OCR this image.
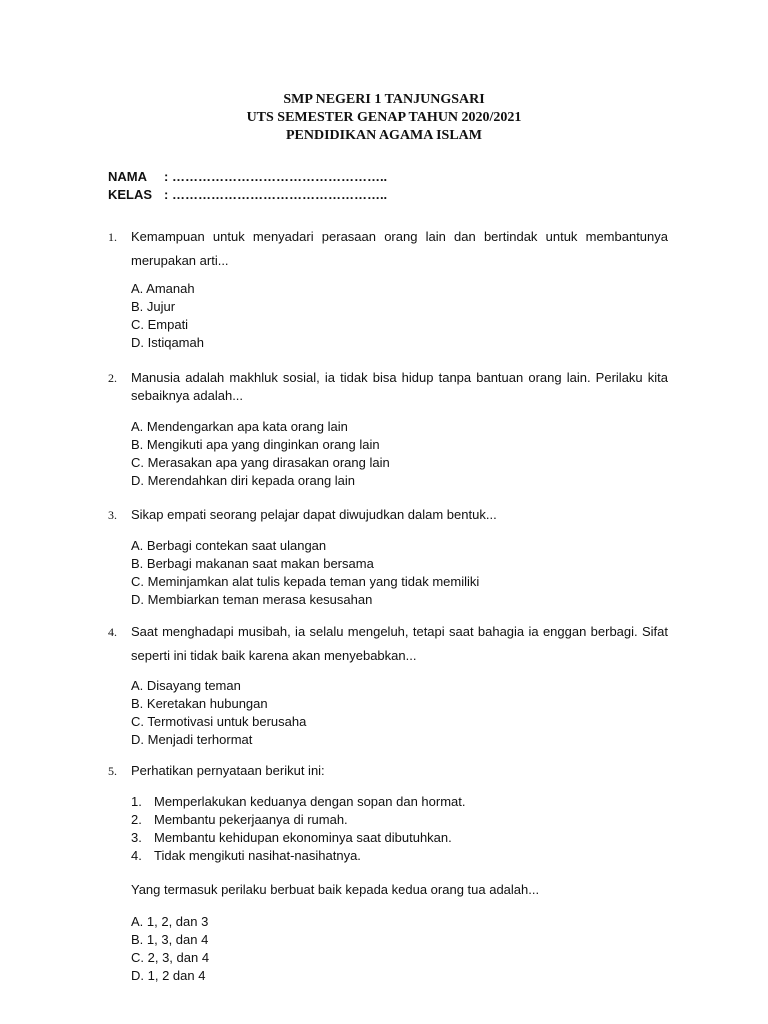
SMP NEGERI 1 TANJUNGSARI
UTS SEMESTER GENAP TAHUN 2020/2021
PENDIDIKAN AGAMA ISLAM
NAMA : …………………………………………..
KELAS : …………………………………………..
1. Kemampuan untuk menyadari perasaan orang lain dan bertindak untuk membantunya merupakan arti...
A. Amanah
B. Jujur
C. Empati
D. Istiqamah
2. Manusia adalah makhluk sosial, ia tidak bisa hidup tanpa bantuan orang lain. Perilaku kita sebaiknya adalah...
A. Mendengarkan apa kata orang lain
B. Mengikuti apa yang dinginkan orang lain
C. Merasakan apa yang dirasakan orang lain
D. Merendahkan diri kepada orang lain
3. Sikap empati seorang pelajar dapat diwujudkan dalam bentuk...
A. Berbagi contekan saat ulangan
B. Berbagi makanan saat makan bersama
C. Meminjamkan alat tulis kepada teman yang tidak memiliki
D. Membiarkan teman merasa kesusahan
4. Saat menghadapi musibah, ia selalu mengeluh, tetapi saat bahagia ia enggan berbagi. Sifat seperti ini tidak baik karena akan menyebabkan...
A. Disayang teman
B. Keretakan hubungan
C. Termotivasi untuk berusaha
D. Menjadi terhormat
5. Perhatikan pernyataan berikut ini:
1. Memperlakukan keduanya dengan sopan dan hormat.
2. Membantu pekerjaanya di rumah.
3. Membantu kehidupan ekonominya saat dibutuhkan.
4. Tidak mengikuti nasihat-nasihatnya.
Yang termasuk perilaku berbuat baik kepada kedua orang tua adalah...
A. 1, 2, dan 3
B. 1, 3, dan 4
C. 2, 3, dan 4
D. 1, 2 dan 4
